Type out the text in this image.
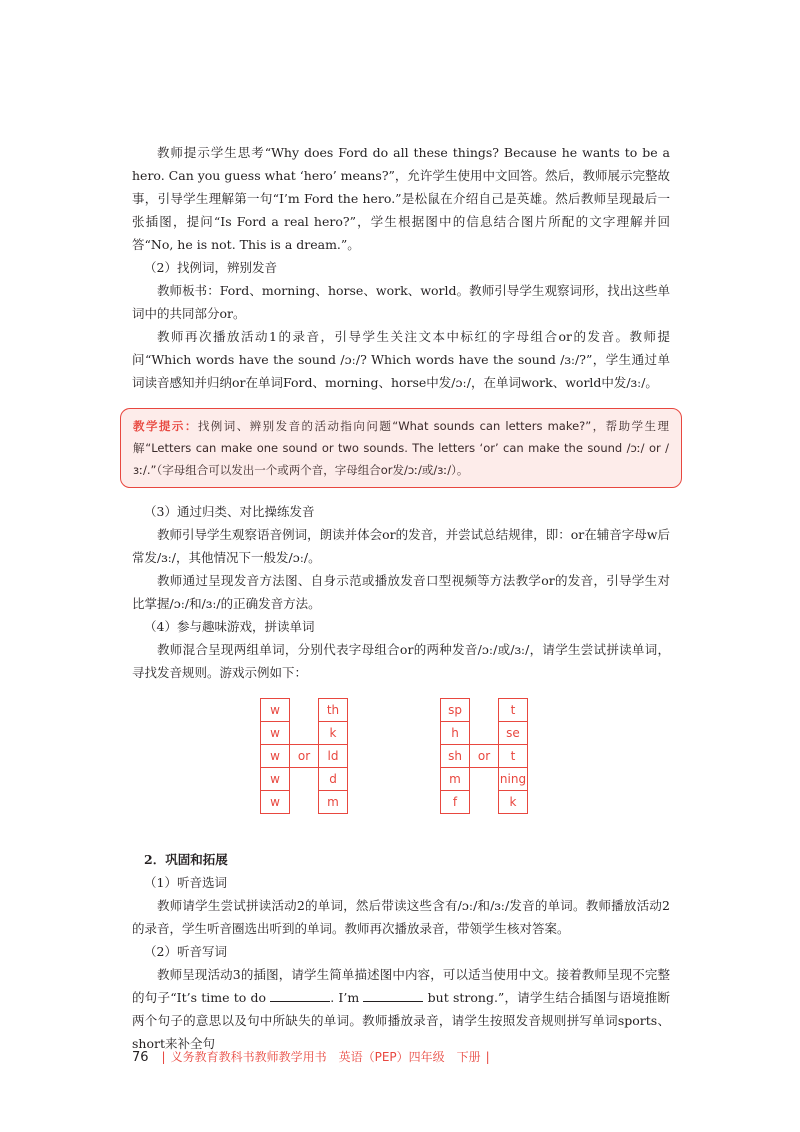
教师提示学生思考“Why does Ford do all these things? Because he wants to be a hero. Can you guess what ‘hero’ means?”，允许学生使用中文回答。然后，教师展示完整故事，引导学生理解第一句“I’m Ford the hero.”是松鼠在介绍自己是英雄。然后教师呈现最后一张插图，提问“Is Ford a real hero?”，学生根据图中的信息结合图片所配的文字理解并回答“No, he is not. This is a dream.”。

（2）找例词，辨别发音

教师板书：Ford、morning、horse、work、world。教师引导学生观察词形，找出这些单词中的共同部分or。

教师再次播放活动1的录音，引导学生关注文本中标红的字母组合or的发音。教师提问“Which words have the sound /ɔː/? Which words have the sound /ɜː/?”，学生通过单词读音感知并归纳or在单词Ford、morning、horse中发/ɔː/，在单词work、world中发/ɜː/。

教学提示：找例词、辨别发音的活动指向问题“What sounds can letters make?”，帮助学生理解“Letters can make one sound or two sounds. The letters ‘or’ can make the sound /ɔː/ or /ɜː/.”（字母组合可以发出一个或两个音，字母组合or发/ɔː/或/ɜː/）。
（3）通过归类、对比操练发音

教师引导学生观察语音例词，朗读并体会or的发音，并尝试总结规律，即：or在辅音字母w后常发/ɜː/，其他情况下一般发/ɔː/。

教师通过呈现发音方法图、自身示范或播放发音口型视频等方法教学or的发音，引导学生对比掌握/ɔː/和/ɜː/的正确发音方法。

（4）参与趣味游戏，拼读单词

教师混合呈现两组单词，分别代表字母组合or的两种发音/ɔː/或/ɜː/，请学生尝试拼读单词，寻找发音规则。游戏示例如下：

w		th
w		k
w	or	ld
w		d
w		m
sp		t
h		se
sh	or	t
m		ning
f		k
2．巩固和拓展
（1）听音选词

教师请学生尝试拼读活动2的单词，然后带读这些含有/ɔː/和/ɜː/发音的单词。教师播放活动2的录音，学生听音圈选出听到的单词。教师再次播放录音，带领学生核对答案。

（2）听音写词

教师呈现活动3的插图，请学生简单描述图中内容，可以适当使用中文。接着教师呈现不完整的句子“It’s time to do	. I’m	but strong.”，请学生结合插图与语境推断两个句子的意思以及句中所缺失的单词。教师播放录音，请学生按照发音规则拼写单词sports、short来补全句

76 | 义务教育教科书教师教学用书　英语（PEP）四年级　下册 |
